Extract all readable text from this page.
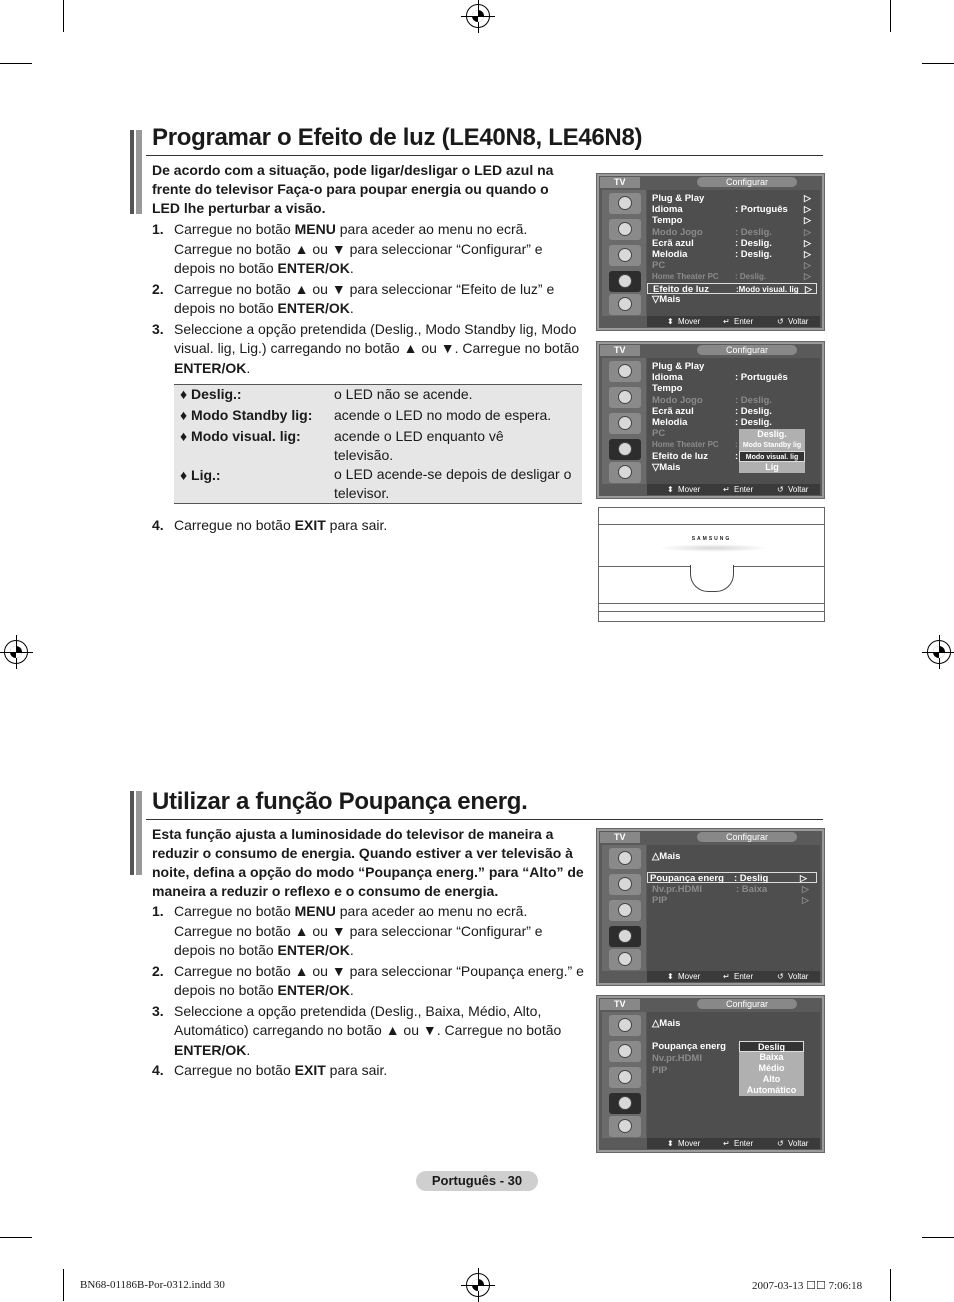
Programar o Efeito de luz (LE40N8, LE46N8)
De acordo com a situação, pode ligar/desligar o LED azul na frente do televisor Faça-o para poupar energia ou quando o LED lhe perturbar a visão.
1. Carregue no botão MENU para aceder ao menu no ecrã. Carregue no botão ▲ ou ▼ para seleccionar “Configurar” e depois no botão ENTER/OK.
2. Carregue no botão ▲ ou ▼ para seleccionar “Efeito de luz” e depois no botão ENTER/OK.
3. Seleccione a opção pretendida (Deslig., Modo Standby lig, Modo visual. lig, Lig.) carregando no botão ▲ ou ▼. Carregue no botão ENTER/OK.
♦ Deslig.:	o LED não se acende.
♦ Modo Standby lig: acende o LED no modo de espera.
♦ Modo visual. lig: acende o LED enquanto vê televisão.
♦ Lig.:	o LED acende-se depois de desligar o televisor.
4. Carregue no botão EXIT para sair.
TV	Configurar
Plug & Play	▷
Idioma	: Português ▷
Tempo	▷
Modo Jogo	: Deslig.	▷
Ecrã azul	: Deslig.	▷
Melodia	: Deslig.	▷
PC	▷
Home Theater PC : Deslig.	▷
Efeito de luz	:Modo visual. lig ▷
▽Mais
⬍ Mover	↵ Enter	↺ Voltar
TV	Configurar
Plug & Play
Idioma	: Português
Tempo
Modo Jogo	: Deslig.
Ecrã azul	: Deslig.
Melodia	: Deslig.
PC
Home Theater PC :
Efeito de luz	:
▽Mais
Deslig.
Modo Standby lig
Modo visual. lig
Lig
⬍ Mover	↵ Enter	↺ Voltar
SAMSUNG
Utilizar a função Poupança energ.
Esta função ajusta a luminosidade do televisor de maneira a reduzir o consumo de energia. Quando estiver a ver televisão à noite, defina a opção do modo “Poupança energ.” para “Alto” de maneira a reduzir o reflexo e o consumo de energia.
1. Carregue no botão MENU para aceder ao menu no ecrã. Carregue no botão ▲ ou ▼ para seleccionar “Configurar” e depois no botão ENTER/OK.
2. Carregue no botão ▲ ou ▼ para seleccionar “Poupança energ.” e depois no botão ENTER/OK.
3. Seleccione a opção pretendida (Deslig., Baixa, Médio, Alto, Automático) carregando no botão ▲ ou ▼. Carregue no botão ENTER/OK.
4. Carregue no botão EXIT para sair.
TV	Configurar
△Mais
Poupança energ : Deslig	▷
Nv.pr.HDMI	: Baixa	▷
PIP	▷
⬍ Mover	↵ Enter	↺ Voltar
TV	Configurar
△Mais
Poupança energ
Nv.pr.HDMI
PIP
Deslig
Baixa
Médio
Alto
Automático
⬍ Mover	↵ Enter	↺ Voltar
Português - 30
BN68-01186B-Por-0312.indd 30	2007-03-13 ☐☐ 7:06:18
